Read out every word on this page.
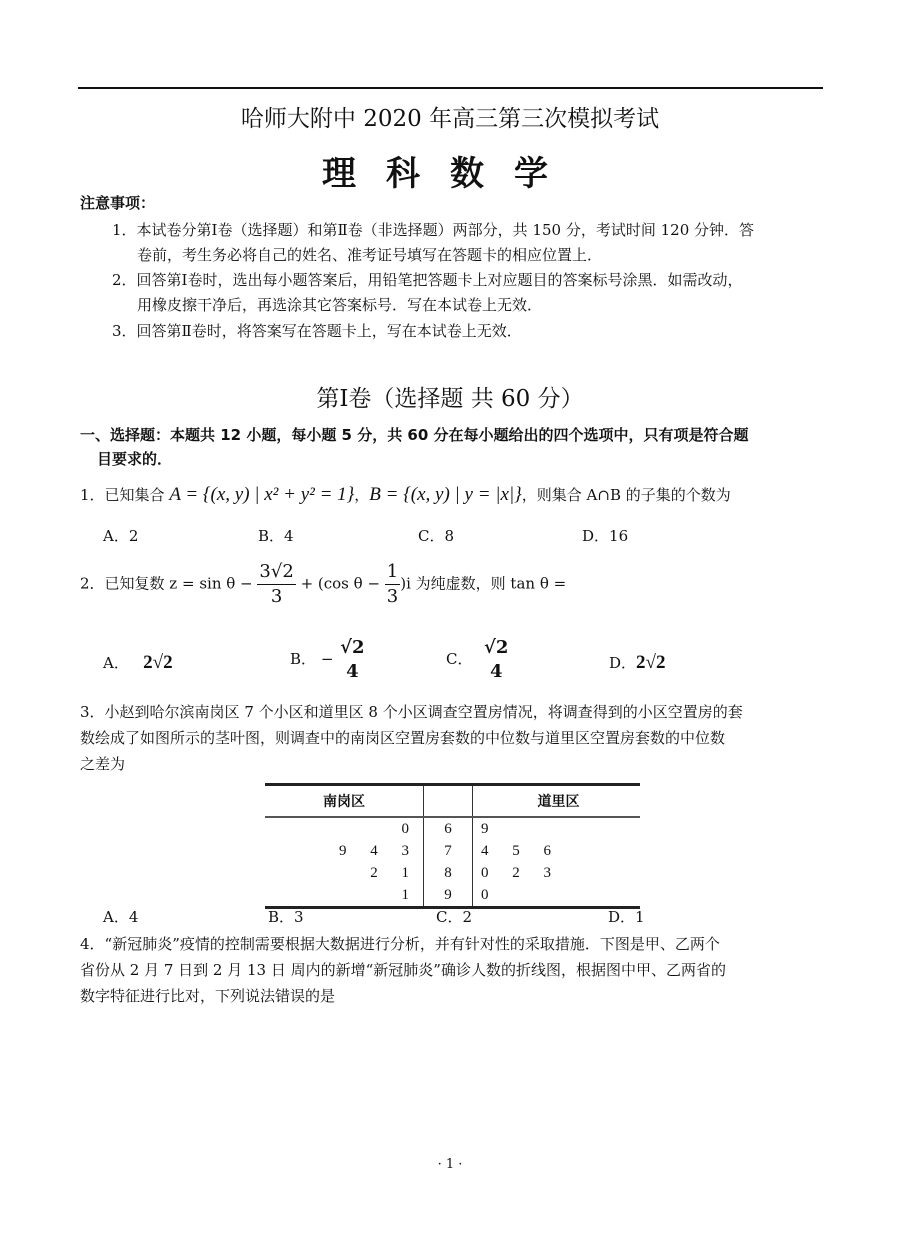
哈师大附中 2020 年高三第三次模拟考试
理科数学
注意事项：
1．本试卷分第Ⅰ卷（选择题）和第Ⅱ卷（非选择题）两部分，共 150 分，考试时间 120 分钟．答
卷前，考生务必将自己的姓名、准考证号填写在答题卡的相应位置上．
2．回答第Ⅰ卷时，选出每小题答案后，用铅笔把答题卡上对应题目的答案标号涂黑．如需改动，
用橡皮擦干净后，再选涂其它答案标号．写在本试卷上无效．
3．回答第Ⅱ卷时，将答案写在答题卡上，写在本试卷上无效．
第Ⅰ卷（选择题 共 60 分）
一、选择题：本题共 12 小题，每小题 5 分，共 60 分在每小题给出的四个选项中，只有项是符合题
目要求的．
1．已知集合 A = {(x, y) | x² + y² = 1}，B = {(x, y) | y = |x|}，则集合 A∩B 的子集的个数为
A．2	B．4	C．8	D．16
2．已知复数 $z = \sin \theta - \frac{3√2}{3} + (\cos$ $\theta - \frac{1}{3} )i$ 为纯虚数，则 tan θ =
A． 2√2	B． −
√2
4
C．
√2
4	D．2√2
3．小赵到哈尔滨南岗区 7 个小区和道里区 8 个小区调查空置房情况，将调查得到的小区空置房的套
数绘成了如图所示的茎叶图，则调查中的南岗区空置房套数的中位数与道里区空置房套数的中位数
之差为
南岗区		道里区
0	6	9
9 4 3	7	4 5 6
2 1	8	0 2 3
1	9	0
A．4	B．3	C．2	D．1
4．“新冠肺炎”疫情的控制需要根据大数据进行分析，并有针对性的采取措施．下图是甲、乙两个
省份从 2 月 7 日到 2 月 13 日 周内的新增“新冠肺炎”确诊人数的折线图，根据图中甲、乙两省的
数字特征进行比对，下列说法错误的是
· 1 ·
